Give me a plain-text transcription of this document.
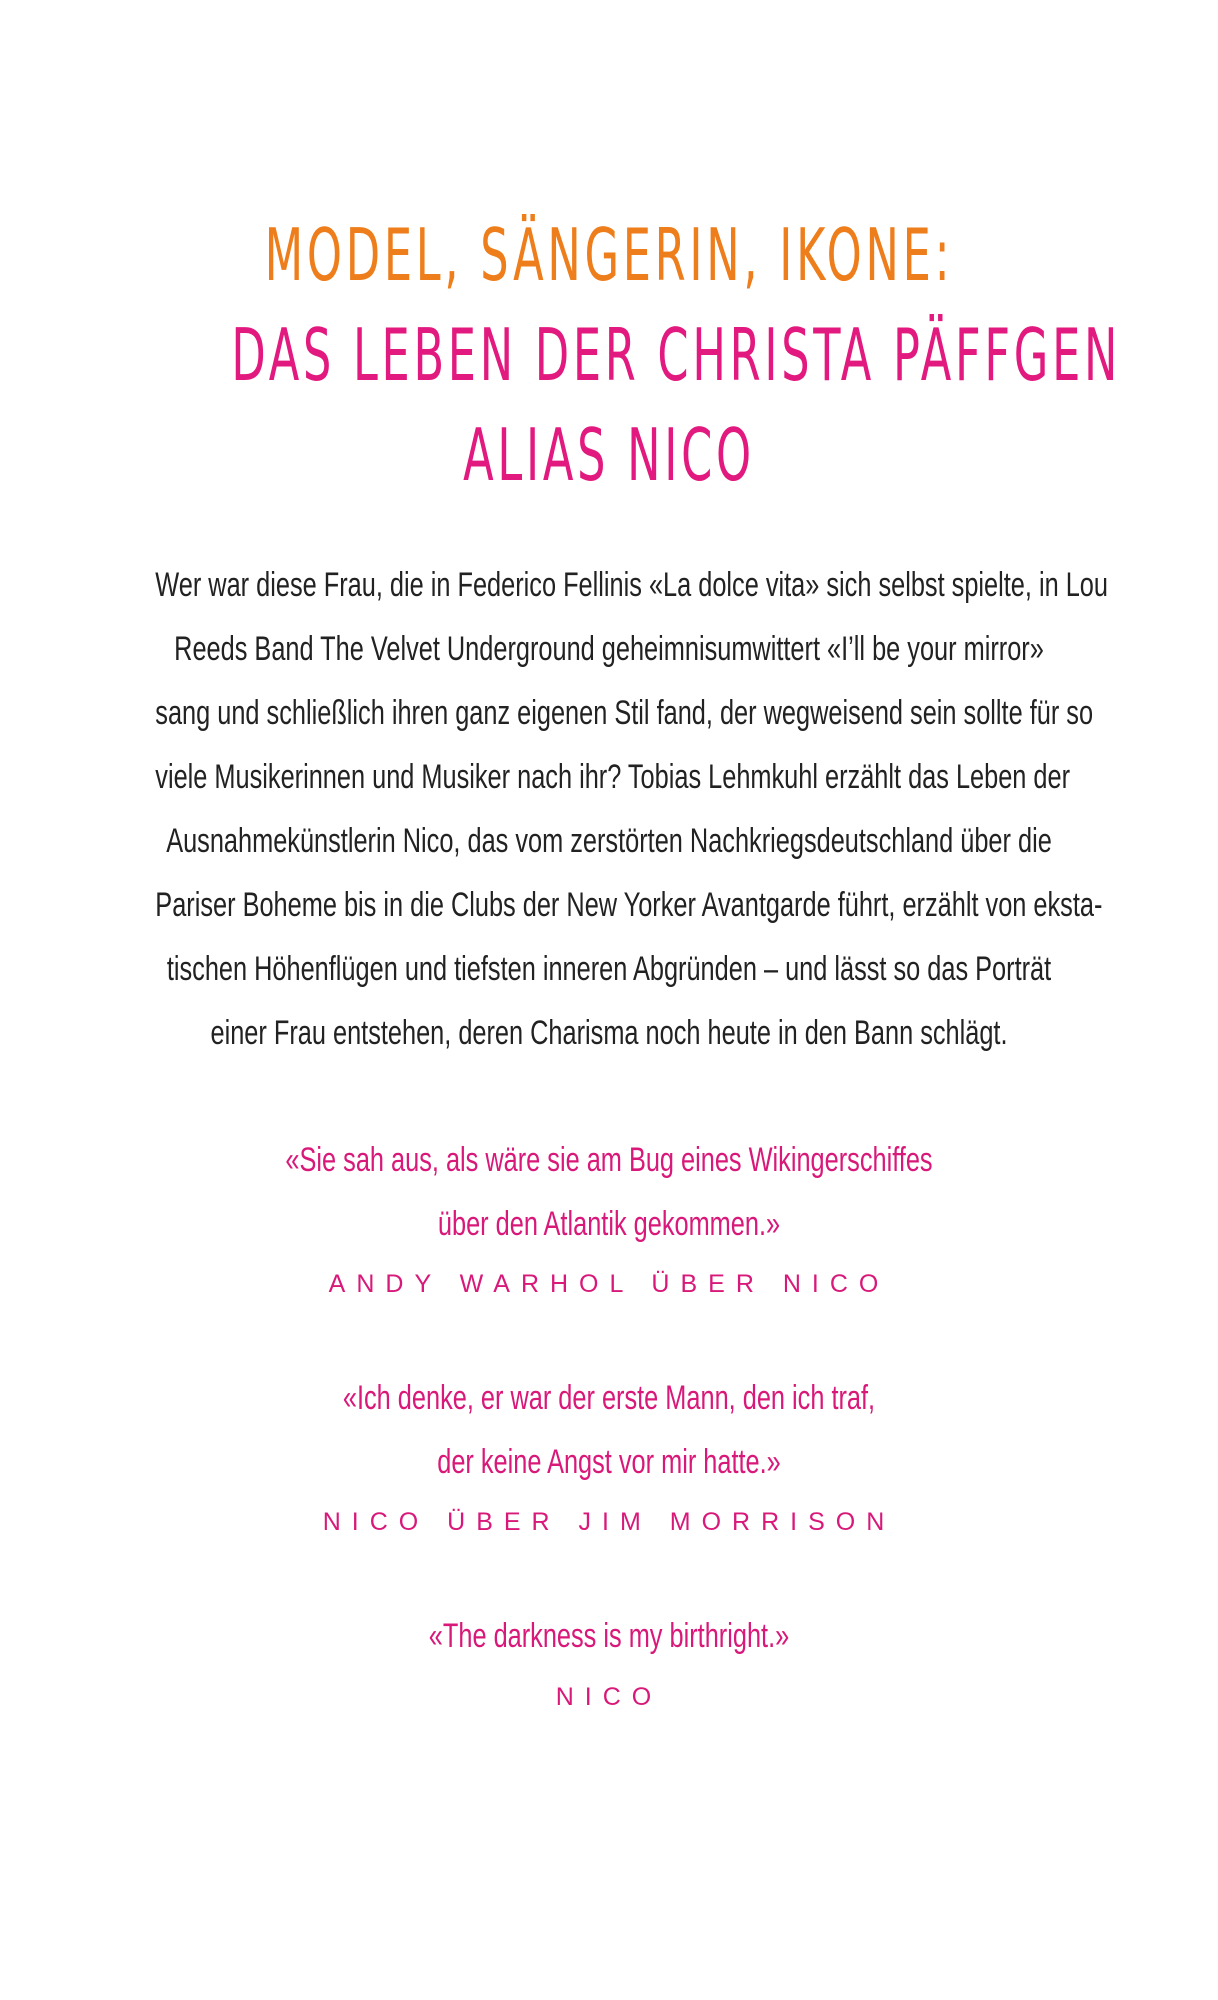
MODEL, SÄNGERIN, IKONE:
DAS LEBEN DER CHRISTA PÄFFGEN
ALIAS NICO
Wer war diese Frau, die in Federico Fellinis «La dolce vita» sich selbst spielte, in Lou
Reeds Band The Velvet Underground geheimnisumwittert «I’ll be your mirror»
sang und schließlich ihren ganz eigenen Stil fand, der wegweisend sein sollte für so
viele Musikerinnen und Musiker nach ihr? Tobias Lehmkuhl erzählt das Leben der
Ausnahmekünstlerin Nico, das vom zerstörten Nachkriegsdeutschland über die
Pariser Boheme bis in die Clubs der New Yorker Avantgarde führt, erzählt von eksta-
tischen Höhenflügen und tiefsten inneren Abgründen – und lässt so das Porträt
einer Frau entstehen, deren Charisma noch heute in den Bann schlägt.
«Sie sah aus, als wäre sie am Bug eines Wikingerschiffes
über den Atlantik gekommen.»
ANDY WARHOL ÜBER NICO
«Ich denke, er war der erste Mann, den ich traf,
der keine Angst vor mir hatte.»
NICO ÜBER JIM MORRISON
«The darkness is my birthright.»
NICO
